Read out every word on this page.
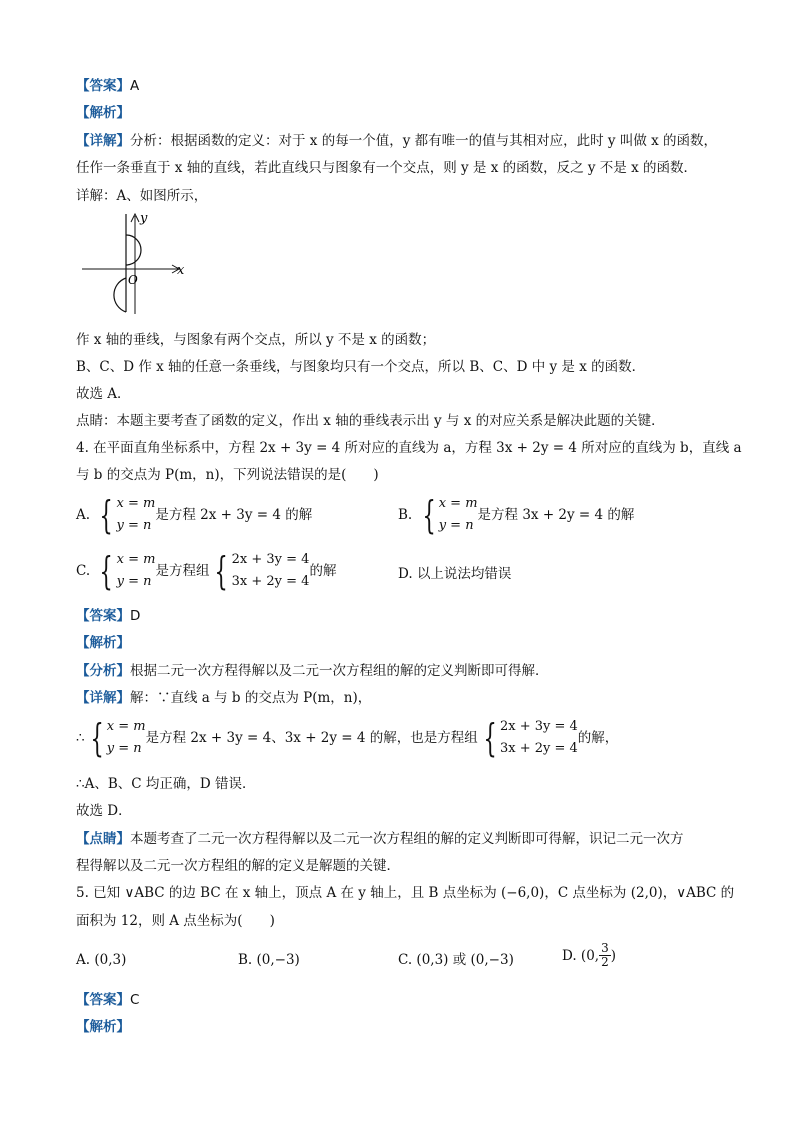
【答案】A
【解析】
【详解】分析：根据函数的定义：对于 x 的每一个值，y 都有唯一的值与其相对应，此时 y 叫做 x 的函数，
任作一条垂直于 x 轴的直线，若此直线只与图象有一个交点，则 y 是 x 的函数，反之 y 不是 x 的函数．
详解：A、如图所示，
y
x
O
作 x 轴的垂线，与图象有两个交点，所以 y 不是 x 的函数；
B、C、D 作 x 轴的任意一条垂线，与图象均只有一个交点，所以 B、C、D 中 y 是 x 的函数．
故选 A．
点睛：本题主要考查了函数的定义，作出 x 轴的垂线表示出 y 与 x 的对应关系是解决此题的关键．
4. 在平面直角坐标系中，方程 2x + 3y = 4 所对应的直线为 a，方程 3x + 2y = 4 所对应的直线为 b，直线 a
与 b 的交点为 P(m，n)，下列说法错误的是(　　)
A. { x = m
y = n
是方程 2x + 3y = 4 的解	B. { x = m
y = n
是方程 3x + 2y = 4 的解
C. { x = m
y = n
是方程组 { 2x + 3y = 4
3x + 2y = 4
的解	D. 以上说法均错误
【答案】D
【解析】
【分析】根据二元一次方程得解以及二元一次方程组的解的定义判断即可得解．
【详解】解：∵直线 a 与 b 的交点为 P(m，n)，
∴ { x = m
y = n
是方程 2x + 3y = 4、3x + 2y = 4 的解，也是方程组 { 2x + 3y = 4
3x + 2y = 4
的解，
∴A、B、C 均正确，D 错误．
故选 D．
【点睛】本题考查了二元一次方程得解以及二元一次方程组的解的定义判断即可得解，识记二元一次方
程得解以及二元一次方程组的解的定义是解题的关键．
5. 已知 ∨ABC 的边 BC 在 x 轴上，顶点 A 在 y 轴上，且 B 点坐标为 (−6,0)，C 点坐标为 (2,0)，∨ABC 的
面积为 12，则 A 点坐标为(　　)
A. (0,3)	B. (0,−3)	C. (0,3) 或 (0,−3)	D. (0, $\frac{3}{2}$ )
【答案】C
【解析】
